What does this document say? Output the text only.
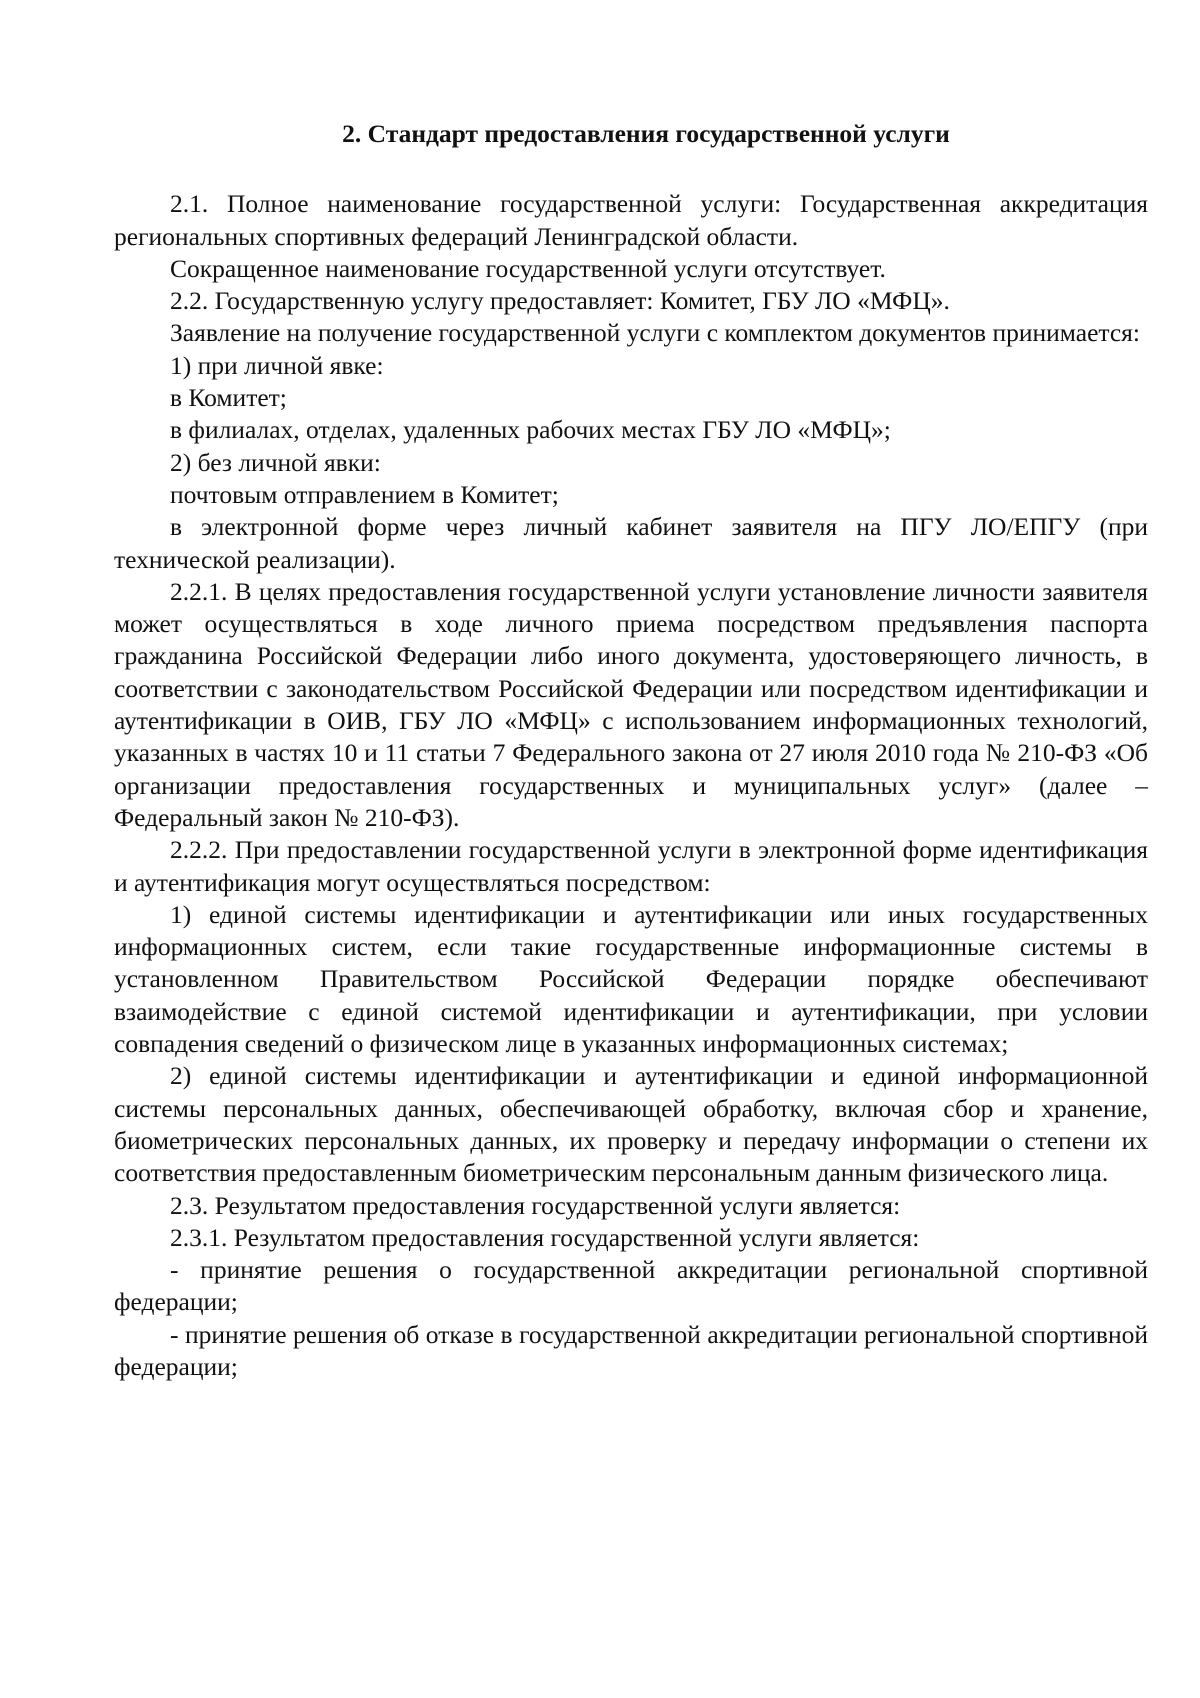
2. Стандарт предоставления государственной услуги

2.1. Полное наименование государственной услуги: Государственная аккредитация региональных спортивных федераций Ленинградской области.

Сокращенное наименование государственной услуги отсутствует.

2.2. Государственную услугу предоставляет: Комитет, ГБУ ЛО «МФЦ».

Заявление на получение государственной услуги с комплектом документов принимается:

1) при личной явке:

в Комитет;

в филиалах, отделах, удаленных рабочих местах ГБУ ЛО «МФЦ»;

2) без личной явки:

почтовым отправлением в Комитет;

в электронной форме через личный кабинет заявителя на ПГУ ЛО/ЕПГУ (при технической реализации).

2.2.1. В целях предоставления государственной услуги установление личности заявителя может осуществляться в ходе личного приема посредством предъявления паспорта гражданина Российской Федерации либо иного документа, удостоверяющего личность, в соответствии с законодательством Российской Федерации или посредством идентификации и аутентификации в ОИВ, ГБУ ЛО «МФЦ» с использованием информационных технологий, указанных в частях 10 и 11 статьи 7 Федерального закона от 27 июля 2010 года № 210-ФЗ «Об организации предоставления государственных и муниципальных услуг» (далее – Федеральный закон № 210-ФЗ).

2.2.2. При предоставлении государственной услуги в электронной форме идентификация и аутентификация могут осуществляться посредством:

1) единой системы идентификации и аутентификации или иных государственных информационных систем, если такие государственные информационные системы в установленном Правительством Российской Федерации порядке обеспечивают взаимодействие с единой системой идентификации и аутентификации, при условии совпадения сведений о физическом лице в указанных информационных системах;

2) единой системы идентификации и аутентификации и единой информационной системы персональных данных, обеспечивающей обработку, включая сбор и хранение, биометрических персональных данных, их проверку и передачу информации о степени их соответствия предоставленным биометрическим персональным данным физического лица.

2.3. Результатом предоставления государственной услуги является:

2.3.1. Результатом предоставления государственной услуги является:

- принятие решения о государственной аккредитации региональной спортивной федерации;

- принятие решения об отказе в государственной аккредитации региональной спортивной федерации;
